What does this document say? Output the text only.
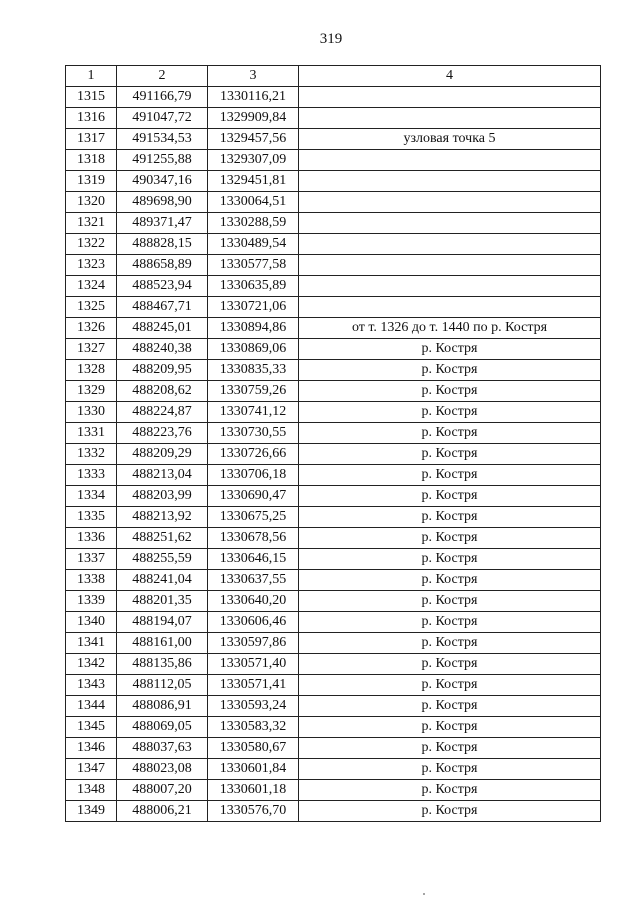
319
1	2	3	4
1315	491166,79	1330116,21	
1316	491047,72	1329909,84	
1317	491534,53	1329457,56	узловая точка 5
1318	491255,88	1329307,09	
1319	490347,16	1329451,81	
1320	489698,90	1330064,51	
1321	489371,47	1330288,59	
1322	488828,15	1330489,54	
1323	488658,89	1330577,58	
1324	488523,94	1330635,89	
1325	488467,71	1330721,06	
1326	488245,01	1330894,86	от т. 1326 до т. 1440 по р. Костря
1327	488240,38	1330869,06	р. Костря
1328	488209,95	1330835,33	р. Костря
1329	488208,62	1330759,26	р. Костря
1330	488224,87	1330741,12	р. Костря
1331	488223,76	1330730,55	р. Костря
1332	488209,29	1330726,66	р. Костря
1333	488213,04	1330706,18	р. Костря
1334	488203,99	1330690,47	р. Костря
1335	488213,92	1330675,25	р. Костря
1336	488251,62	1330678,56	р. Костря
1337	488255,59	1330646,15	р. Костря
1338	488241,04	1330637,55	р. Костря
1339	488201,35	1330640,20	р. Костря
1340	488194,07	1330606,46	р. Костря
1341	488161,00	1330597,86	р. Костря
1342	488135,86	1330571,40	р. Костря
1343	488112,05	1330571,41	р. Костря
1344	488086,91	1330593,24	р. Костря
1345	488069,05	1330583,32	р. Костря
1346	488037,63	1330580,67	р. Костря
1347	488023,08	1330601,84	р. Костря
1348	488007,20	1330601,18	р. Костря
1349	488006,21	1330576,70	р. Костря
